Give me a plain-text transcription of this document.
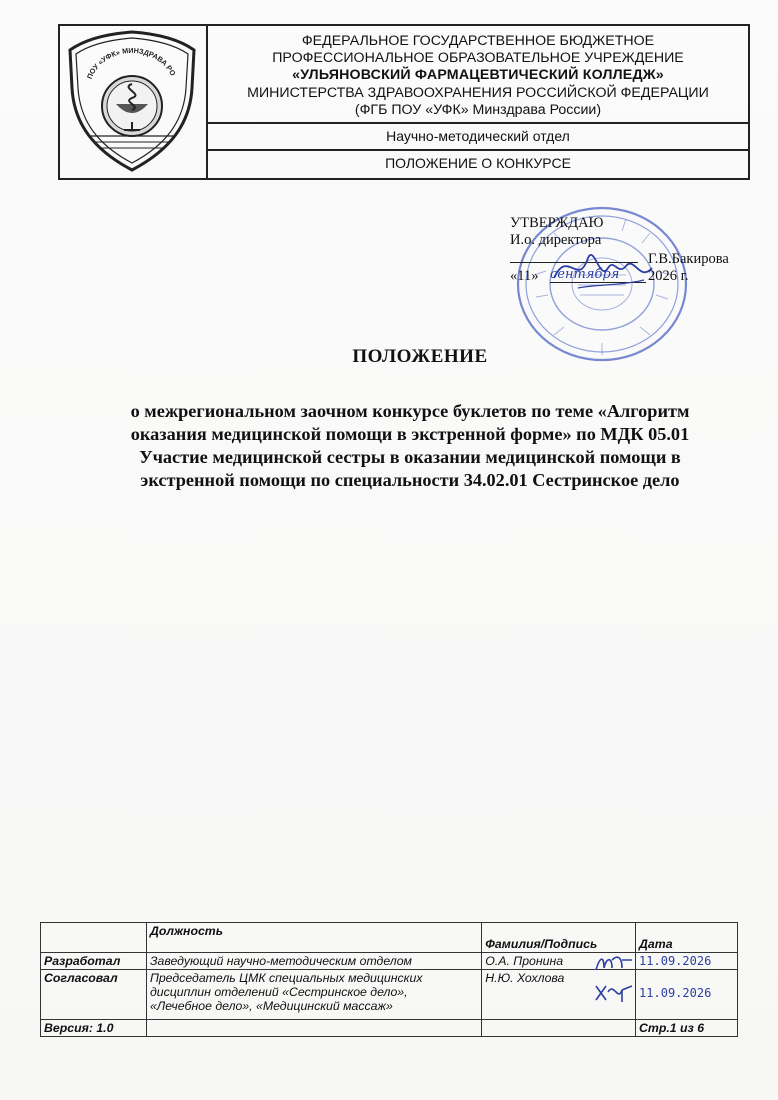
ПОУ «УФК» МИНЗДРАВА РО
ФЕДЕРАЛЬНОЕ ГОСУДАРСТВЕННОЕ БЮДЖЕТНОЕ
ПРОФЕССИОНАЛЬНОЕ ОБРАЗОВАТЕЛЬНОЕ УЧРЕЖДЕНИЕ
«УЛЬЯНОВСКИЙ ФАРМАЦЕВТИЧЕСКИЙ КОЛЛЕДЖ»
МИНИСТЕРСТВА ЗДРАВООХРАНЕНИЯ РОССИЙСКОЙ ФЕДЕРАЦИИ
(ФГБ ПОУ «УФК» Минздрава России)
Научно-методический отдел
ПОЛОЖЕНИЕ О КОНКУРСЕ
УТВЕРЖДАЮ
И.о. директора
Г.В.Бакирова
«11» сентября 2026 г.
ПОЛОЖЕНИЕ
о межрегиональном заочном конкурсе буклетов по теме «Алгоритм
оказания медицинской помощи в экстренной форме» по МДК 05.01
Участие медицинской сестры в оказании медицинской помощи в
экстренной помощи по специальности 34.02.01 Сестринское дело
	Должность	Фамилия/Подпись	Дата
Разработал	Заведующий научно-методическим отделом	О.А. Пронина	11.09.2026
Согласовал	Председатель ЦМК специальных медицинских
дисциплин отделений «Сестринское дело»,
«Лечебное дело», «Медицинский массаж»	Н.Ю. Хохлова	11.09.2026
Версия: 1.0			Стр.1 из 6
